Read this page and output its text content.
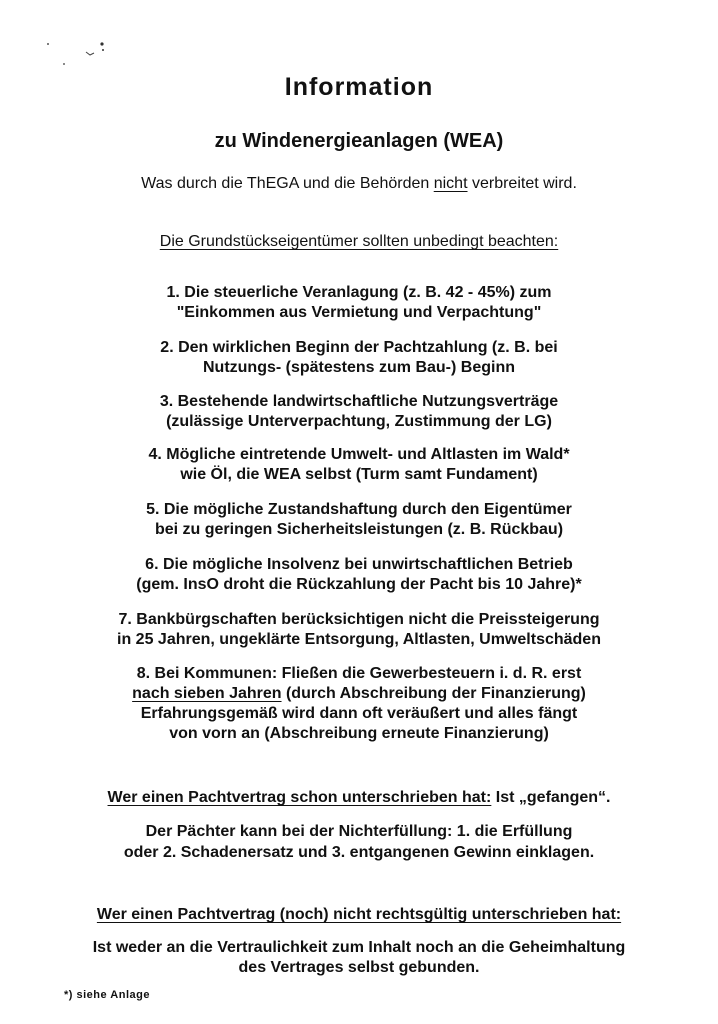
Information
zu Windenergieanlagen (WEA)
Was durch die ThEGA und die Behörden nicht verbreitet wird.
Die Grundstückseigentümer sollten unbedingt beachten:
1. Die steuerliche Veranlagung (z. B. 42 - 45%) zum
"Einkommen aus Vermietung und Verpachtung"
2. Den wirklichen Beginn der Pachtzahlung (z. B. bei
Nutzungs- (spätestens zum Bau-) Beginn
3. Bestehende landwirtschaftliche Nutzungsverträge
(zulässige Unterverpachtung, Zustimmung der LG)
4. Mögliche eintretende Umwelt- und Altlasten im Wald*
wie Öl, die WEA selbst (Turm samt Fundament)
5. Die mögliche Zustandshaftung durch den Eigentümer
bei zu geringen Sicherheitsleistungen (z. B. Rückbau)
6. Die mögliche Insolvenz bei unwirtschaftlichen Betrieb
(gem. InsO droht die Rückzahlung der Pacht bis 10 Jahre)*
7. Bankbürgschaften berücksichtigen nicht die Preissteigerung
in 25 Jahren, ungeklärte Entsorgung, Altlasten, Umweltschäden
8. Bei Kommunen: Fließen die Gewerbesteuern i. d. R. erst
nach sieben Jahren (durch Abschreibung der Finanzierung)
Erfahrungsgemäß wird dann oft veräußert und alles fängt
von vorn an (Abschreibung erneute Finanzierung)
Wer einen Pachtvertrag schon unterschrieben hat: Ist „gefangen“.
Der Pächter kann bei der Nichterfüllung: 1. die Erfüllung
oder 2. Schadenersatz und 3. entgangenen Gewinn einklagen.
Wer einen Pachtvertrag (noch) nicht rechtsgültig unterschrieben hat:
Ist weder an die Vertraulichkeit zum Inhalt noch an die Geheimhaltung
des Vertrages selbst gebunden.
*) siehe Anlage
